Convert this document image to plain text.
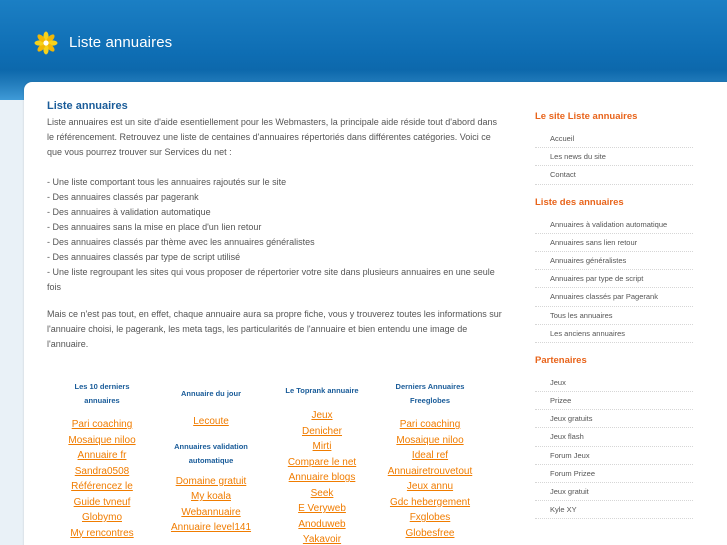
Liste annuaires
Liste annuaires

Liste annuaires est un site d'aide esentiellement pour les Webmasters, la principale aide réside tout d'abord dans le référencement. Retrouvez une liste de centaines d'annuaires répertoriés dans différentes catégories. Voici ce que vous pourrez trouver sur Services du net :

- Une liste comportant tous les annuaires rajoutés sur le site
- Des annuaires classés par pagerank
- Des annuaires à validation automatique
- Des annuaires sans la mise en place d'un lien retour
- Des annuaires classés par thème avec les annuaires généralistes
- Des annuaires classés par type de script utilisé
- Une liste regroupant les sites qui vous proposer de répertorier votre site dans plusieurs annuaires en une seule fois

Mais ce n'est pas tout, en effet, chaque annuaire aura sa propre fiche, vous y trouverez toutes les informations sur l'annuaire choisi, le pagerank, les meta tags, les particularités de l'annuaire et bien entendu une image de l'annuaire.

Les 10 derniers annuaires
Pari coaching
Mosaique niloo
Annuaire fr
Sandra0508
Référencez le
Guide tvneuf
Globymo
My rencontres
Annuaire du jour
Lecoute
Annuaires validation automatique
Domaine gratuit
My koala
Webannuaire
Annuaire level141
Le Toprank annuaire
Jeux
Denicher
Mirti
Compare le net
Annuaire blogs
Seek
E Veryweb
Anoduweb
Yakavoir
Derniers Annuaires Freeglobes
Pari coaching
Mosaique niloo
Ideal ref
Annuairetrouvetout
Jeux annu
Gdc hebergement
Fxglobes
Globesfree
Le site Liste annuaires
Accueil
Les news du site
Contact
Liste des annuaires
Annuaires à validation automatique
Annuaires sans lien retour
Annuaires généralistes
Annuaires par type de script
Annuaires classés par Pagerank
Tous les annuaires
Les anciens annuaires
Partenaires
Jeux
Prizee
Jeux gratuits
Jeux flash
Forum Jeux
Forum Prizee
Jeux gratuit
Kyle XY
